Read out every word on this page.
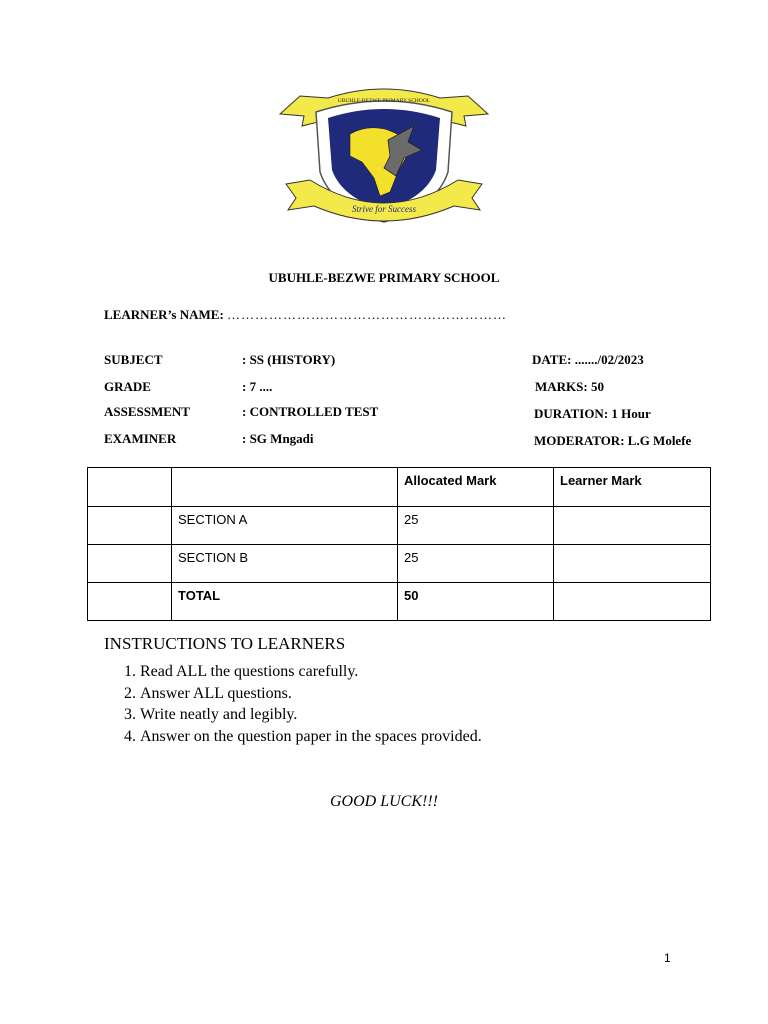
UBUHLE-BEZWE PRIMARY SCHOOL
Strive for Success
UBUHLE-BEZWE PRIMARY SCHOOL
LEARNER’s NAME: ……………………………………………………
SUBJECT	: SS (HISTORY)	DATE: ......./02/2023
GRADE	: 7 ....	MARKS: 50
ASSESSMENT	: CONTROLLED TEST	DURATION: 1 Hour
EXAMINER	: SG Mngadi	MODERATOR: L.G Molefe
		Allocated Mark	Learner Mark
	SECTION A	25	
	SECTION B	25	
	TOTAL	50	
INSTRUCTIONS TO LEARNERS
1. Read ALL the questions carefully.
2. Answer ALL questions.
3. Write neatly and legibly.
4. Answer on the question paper in the spaces provided.
GOOD LUCK!!!
1
